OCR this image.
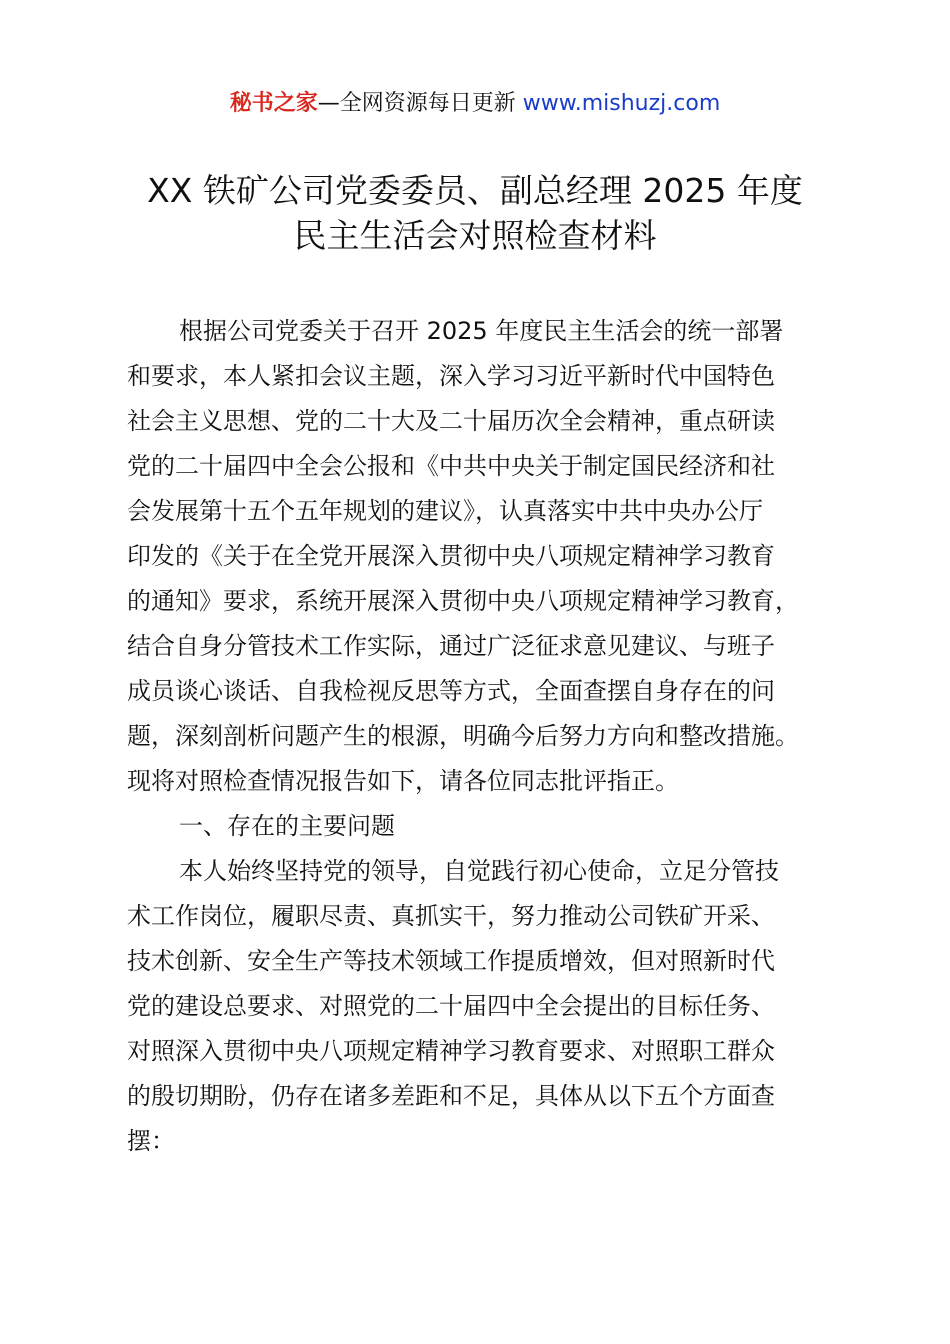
秘书之家—全网资源每日更新 www.mishuzj.com
XX 铁矿公司党委委员、副总经理 2025 年度
民主生活会对照检查材料
根据公司党委关于召开 2025 年度民主生活会的统一部署
和要求，本人紧扣会议主题，深入学习习近平新时代中国特色
社会主义思想、党的二十大及二十届历次全会精神，重点研读
党的二十届四中全会公报和《中共中央关于制定国民经济和社
会发展第十五个五年规划的建议》，认真落实中共中央办公厅
印发的《关于在全党开展深入贯彻中央八项规定精神学习教育
的通知》要求，系统开展深入贯彻中央八项规定精神学习教育，
结合自身分管技术工作实际，通过广泛征求意见建议、与班子
成员谈心谈话、自我检视反思等方式，全面查摆自身存在的问
题，深刻剖析问题产生的根源，明确今后努力方向和整改措施。
现将对照检查情况报告如下，请各位同志批评指正。
一、存在的主要问题
本人始终坚持党的领导，自觉践行初心使命，立足分管技
术工作岗位，履职尽责、真抓实干，努力推动公司铁矿开采、
技术创新、安全生产等技术领域工作提质增效，但对照新时代
党的建设总要求、对照党的二十届四中全会提出的目标任务、
对照深入贯彻中央八项规定精神学习教育要求、对照职工群众
的殷切期盼，仍存在诸多差距和不足，具体从以下五个方面查
摆：
